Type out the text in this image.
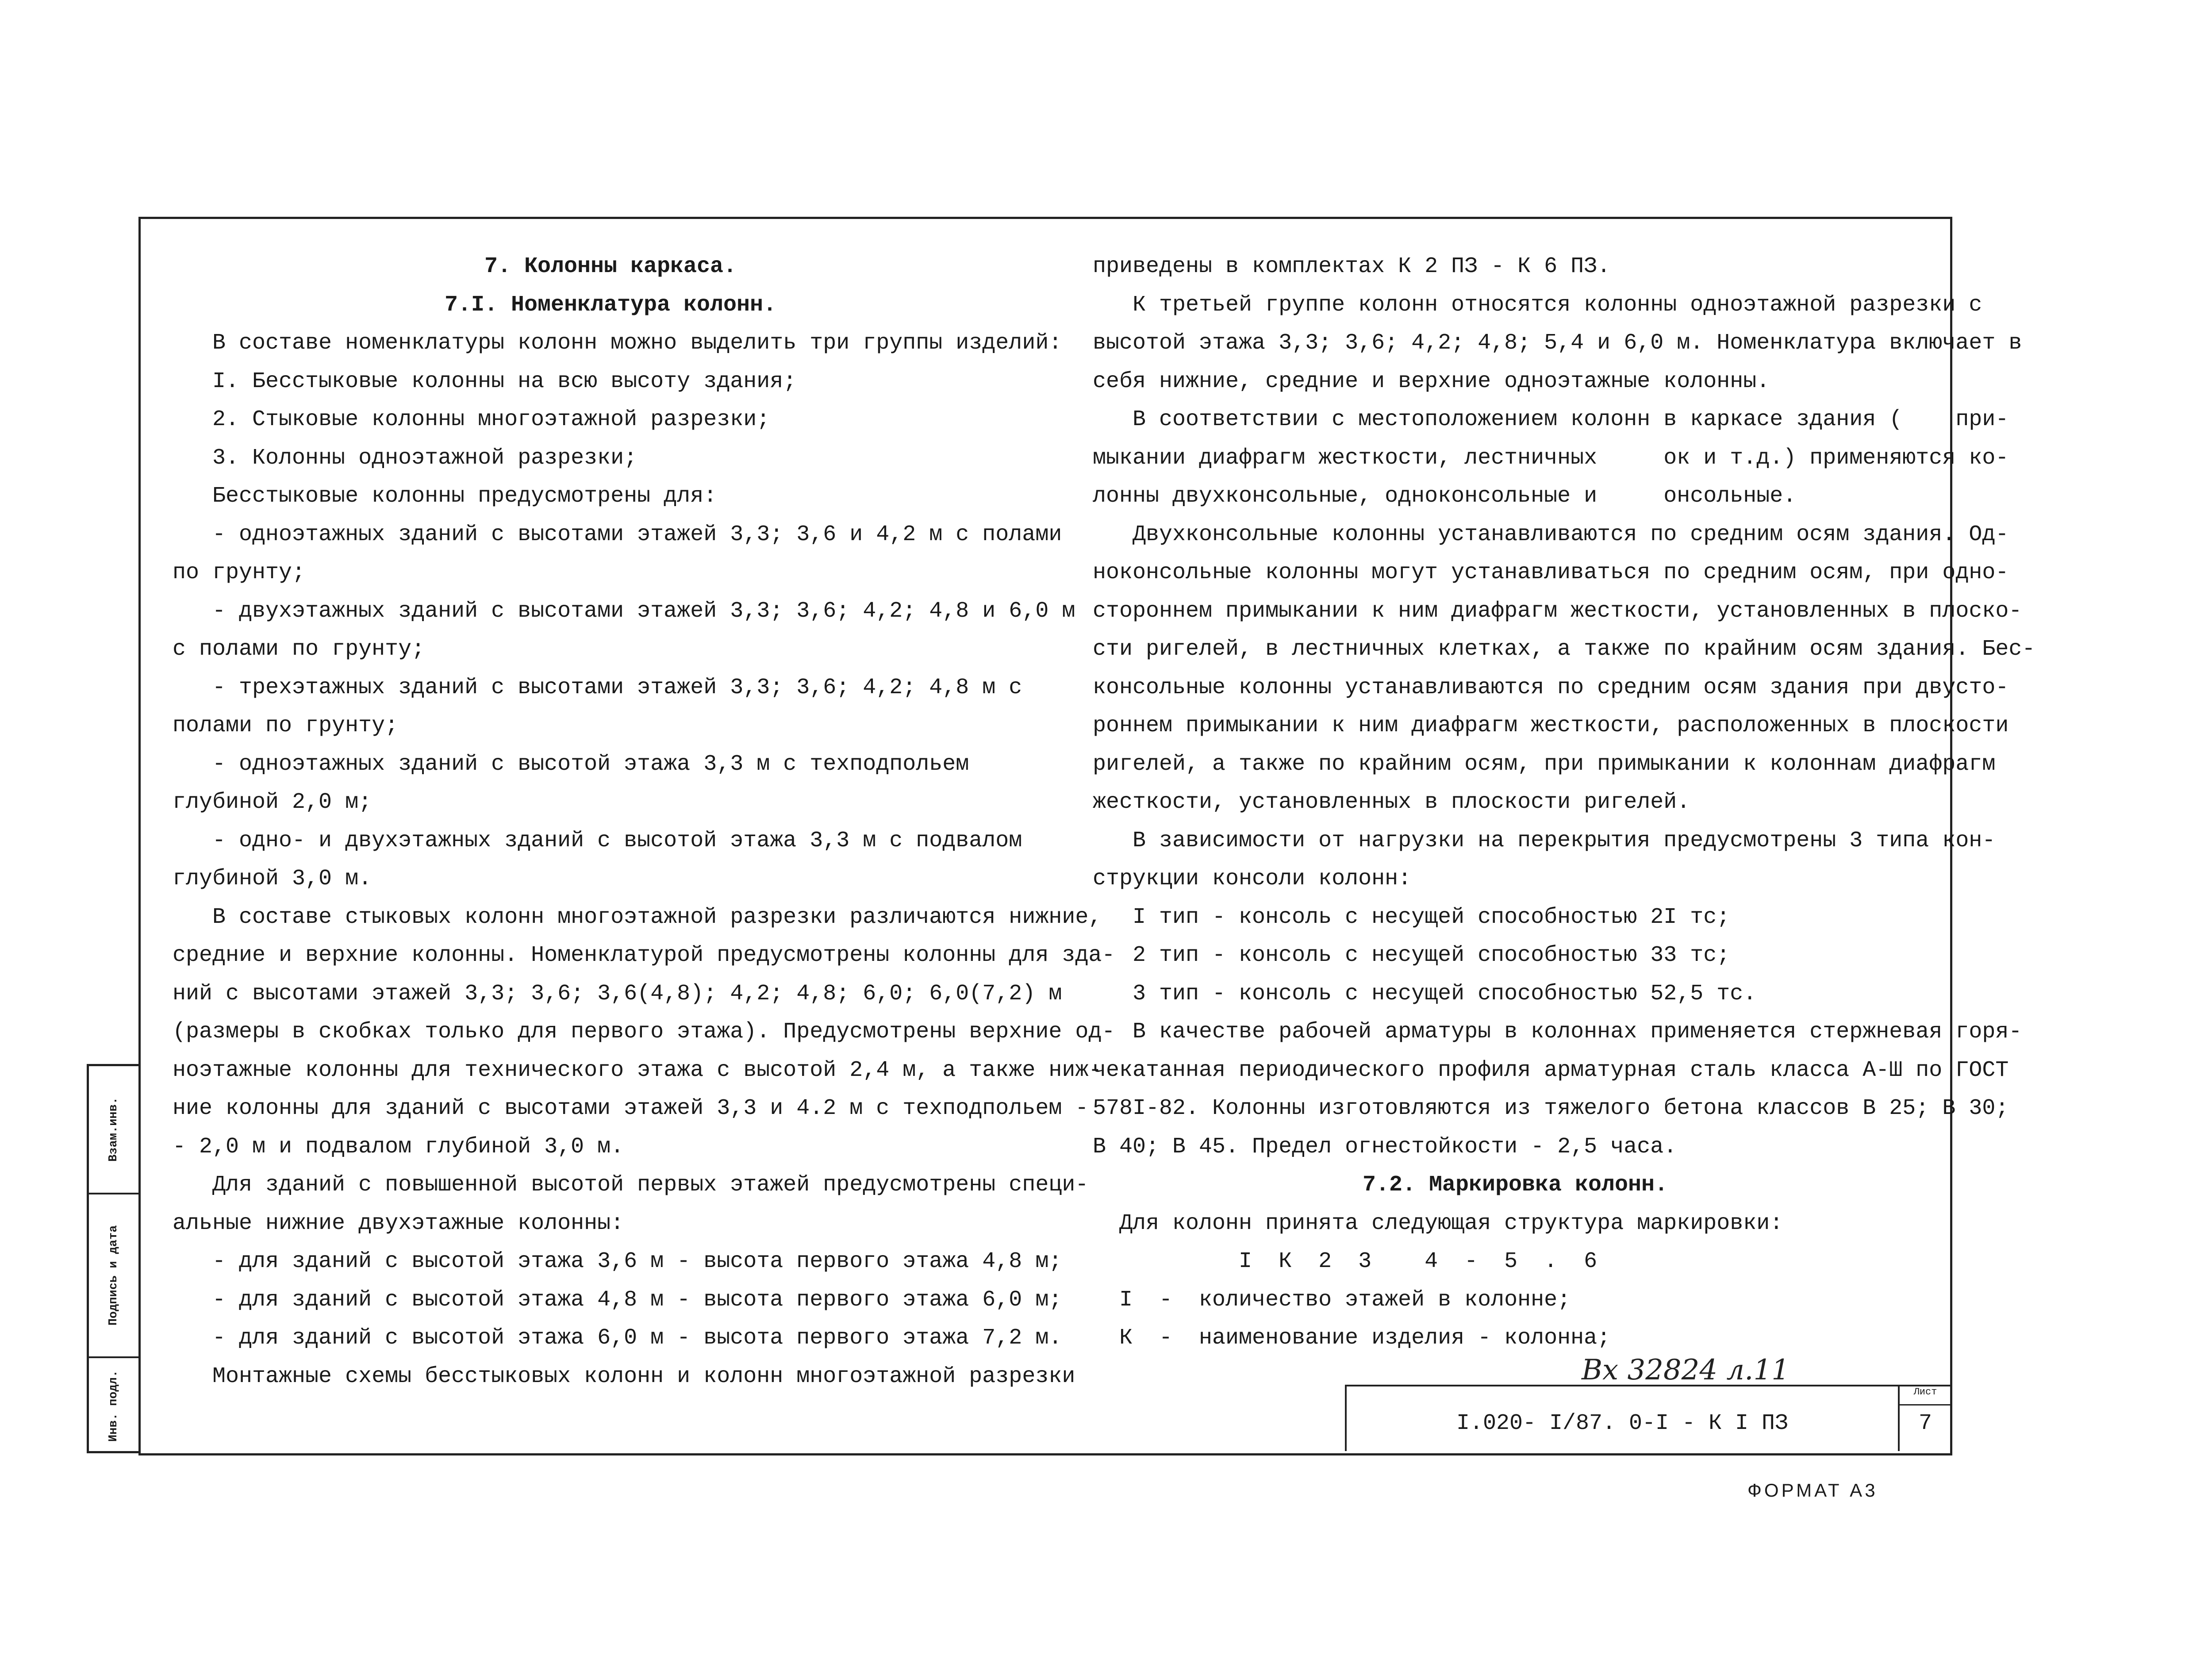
Взам.инв.
Подпись и дата
Инв. подл.

7. Колонны каркаса.

7.I. Номенклатура колонн.

В составе номенклатуры колонн можно выделить три группы изделий:

I. Бесстыковые колонны на всю высоту здания;

2. Стыковые колонны многоэтажной разрезки;

3. Колонны одноэтажной разрезки;

Бесстыковые колонны предусмотрены для:

- одноэтажных зданий с высотами этажей 3,3; 3,6 и 4,2 м с полами

по грунту;

- двухэтажных зданий с высотами этажей 3,3; 3,6; 4,2; 4,8 и 6,0 м

с полами по грунту;

- трехэтажных зданий с высотами этажей 3,3; 3,6; 4,2; 4,8 м с

полами по грунту;

- одноэтажных зданий с высотой этажа 3,3 м с техподпольем

глубиной 2,0 м;

- одно- и двухэтажных зданий с высотой этажа 3,3 м с подвалом

глубиной 3,0 м.

В составе стыковых колонн многоэтажной разрезки различаются нижние,

средние и верхние колонны. Номенклатурой предусмотрены колонны для зда-

ний с высотами этажей 3,3; 3,6; 3,6(4,8); 4,2; 4,8; 6,0; 6,0(7,2) м

(размеры в скобках только для первого этажа). Предусмотрены верхние од-

ноэтажные колонны для технического этажа с высотой 2,4 м, а также ниж-

ние колонны для зданий с высотами этажей 3,3 и 4.2 м с техподпольем -

- 2,0 м и подвалом глубиной 3,0 м.

Для зданий с повышенной высотой первых этажей предусмотрены специ-

альные нижние двухэтажные колонны:

- для зданий с высотой этажа 3,6 м - высота первого этажа 4,8 м;

- для зданий с высотой этажа 4,8 м - высота первого этажа 6,0 м;

- для зданий с высотой этажа 6,0 м - высота первого этажа 7,2 м.

Монтажные схемы бесстыковых колонн и колонн многоэтажной разрезки

приведены в комплектах К 2 ПЗ - К 6 ПЗ.

К третьей группе колонн относятся колонны одноэтажной разрезки с

высотой этажа 3,3; 3,6; 4,2; 4,8; 5,4 и 6,0 м. Номенклатура включает в

себя нижние, средние и верхние одноэтажные колонны.

В соответствии с местоположением колонн в каркасе здания (    при-

мыкании диафрагм жесткости, лестничных     ок и т.д.) применяются ко-

лонны двухконсольные, одноконсольные и     онсольные.

Двухконсольные колонны устанавливаются по средним осям здания. Од-

ноконсольные колонны могут устанавливаться по средним осям, при одно-

стороннем примыкании к ним диафрагм жесткости, установленных в плоско-

сти ригелей, в лестничных клетках, а также по крайним осям здания. Бес-

консольные колонны устанавливаются по средним осям здания при двусто-

роннем примыкании к ним диафрагм жесткости, расположенных в плоскости

ригелей, а также по крайним осям, при примыкании к колоннам диафрагм

жесткости, установленных в плоскости ригелей.

В зависимости от нагрузки на перекрытия предусмотрены 3 типа кон-

струкции консоли колонн:

I тип - консоль с несущей способностью 2I тс;

2 тип - консоль с несущей способностью 33 тс;

3 тип - консоль с несущей способностью 52,5 тс.

В качестве рабочей арматуры в колоннах применяется стержневая горя-

чекатанная периодического профиля арматурная сталь класса А-Ш по ГОСТ

578I-82. Колонны изготовляются из тяжелого бетона классов В 25; В 30;

В 40; В 45. Предел огнестойкости - 2,5 часа.

7.2. Маркировка колонн.

Для колонн принята следующая структура маркировки:

I  К  2  3    4  -  5  .  6

I  -  количество этажей в колонне;

К  -  наименование изделия - колонна;

Вх 32824 л.11
I.020- I/87. 0-I - К I ПЗ
Лист
7
ФОРМАТ А3
